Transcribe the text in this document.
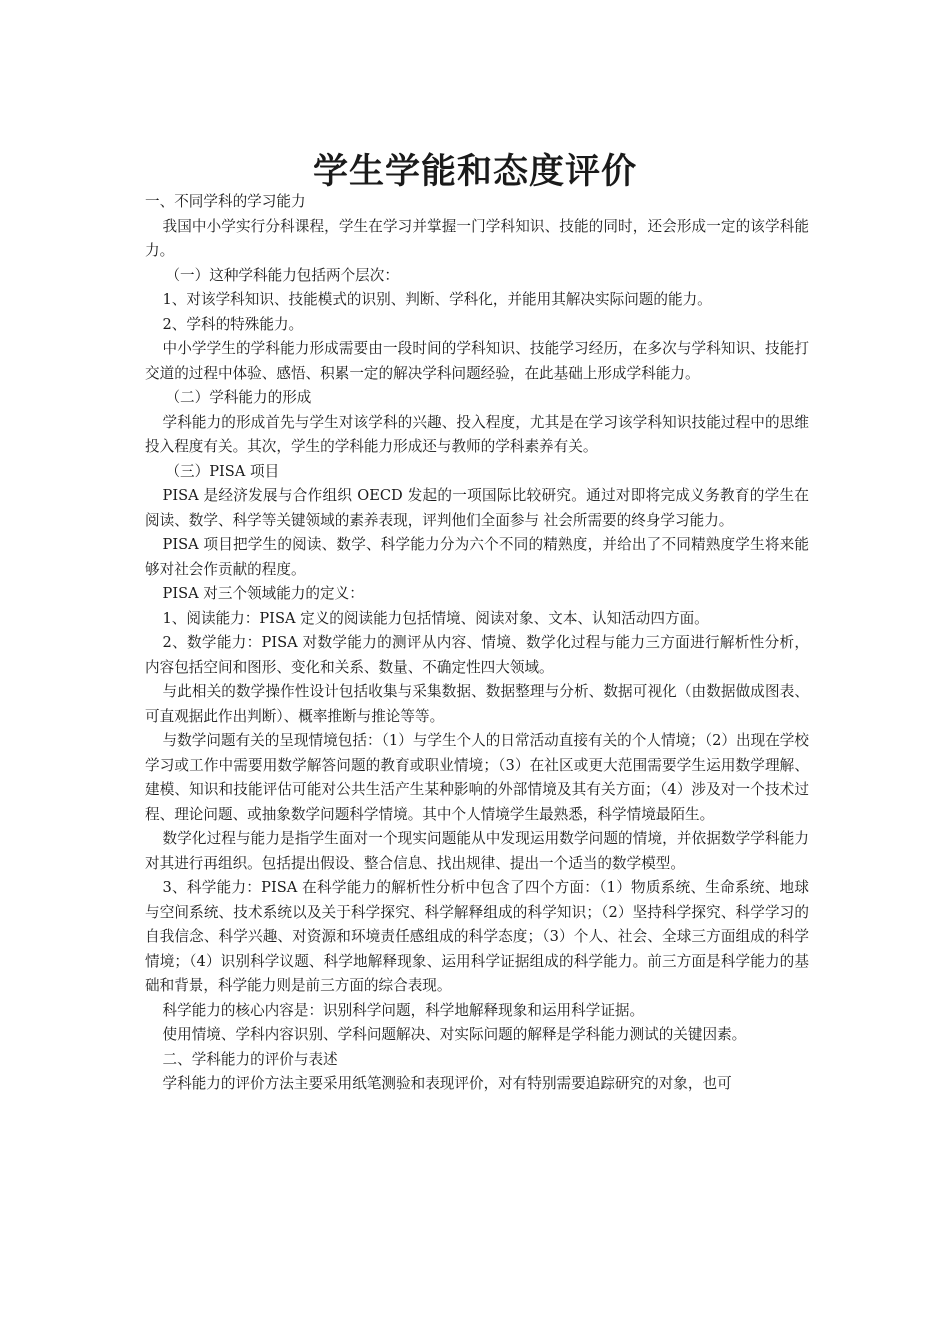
学生学能和态度评价

一、不同学科的学习能力

我国中小学实行分科课程，学生在学习并掌握一门学科知识、技能的同时，还会形成一定的该学科能力。

（一）这种学科能力包括两个层次：

1、对该学科知识、技能模式的识别、判断、学科化，并能用其解决实际问题的能力。

2、学科的特殊能力。

中小学学生的学科能力形成需要由一段时间的学科知识、技能学习经历，在多次与学科知识、技能打交道的过程中体验、感悟、积累一定的解决学科问题经验，在此基础上形成学科能力。

（二）学科能力的形成

学科能力的形成首先与学生对该学科的兴趣、投入程度，尤其是在学习该学科知识技能过程中的思维投入程度有关。其次，学生的学科能力形成还与教师的学科素养有关。

（三）PISA 项目

PISA 是经济发展与合作组织 OECD 发起的一项国际比较研究。通过对即将完成义务教育的学生在阅读、数学、科学等关键领域的素养表现，评判他们全面参与 社会所需要的终身学习能力。

PISA 项目把学生的阅读、数学、科学能力分为六个不同的精熟度，并给出了不同精熟度学生将来能够对社会作贡献的程度。

PISA 对三个领域能力的定义：

1、阅读能力：PISA 定义的阅读能力包括情境、阅读对象、文本、认知活动四方面。

2、数学能力：PISA 对数学能力的测评从内容、情境、数学化过程与能力三方面进行解析性分析，内容包括空间和图形、变化和关系、数量、不确定性四大领域。

与此相关的数学操作性设计包括收集与采集数据、数据整理与分析、数据可视化（由数据做成图表、可直观据此作出判断）、概率推断与推论等等。

与数学问题有关的呈现情境包括：（1）与学生个人的日常活动直接有关的个人情境；（2）出现在学校学习或工作中需要用数学解答问题的教育或职业情境；（3）在社区或更大范围需要学生运用数学理解、建模、知识和技能评估可能对公共生活产生某种影响的外部情境及其有关方面；（4）涉及对一个技术过程、理论问题、或抽象数学问题科学情境。其中个人情境学生最熟悉，科学情境最陌生。

数学化过程与能力是指学生面对一个现实问题能从中发现运用数学问题的情境，并依据数学学科能力对其进行再组织。包括提出假设、整合信息、找出规律、提出一个适当的数学模型。

3、科学能力：PISA 在科学能力的解析性分析中包含了四个方面：（1）物质系统、生命系统、地球与空间系统、技术系统以及关于科学探究、科学解释组成的科学知识；（2）坚持科学探究、科学学习的自我信念、科学兴趣、对资源和环境责任感组成的科学态度；（3）个人、社会、全球三方面组成的科学情境；（4）识别科学议题、科学地解释现象、运用科学证据组成的科学能力。前三方面是科学能力的基础和背景，科学能力则是前三方面的综合表现。

科学能力的核心内容是：识别科学问题，科学地解释现象和运用科学证据。

使用情境、学科内容识别、学科问题解决、对实际问题的解释是学科能力测试的关键因素。

二、学科能力的评价与表述

学科能力的评价方法主要采用纸笔测验和表现评价，对有特别需要追踪研究的对象，也可
